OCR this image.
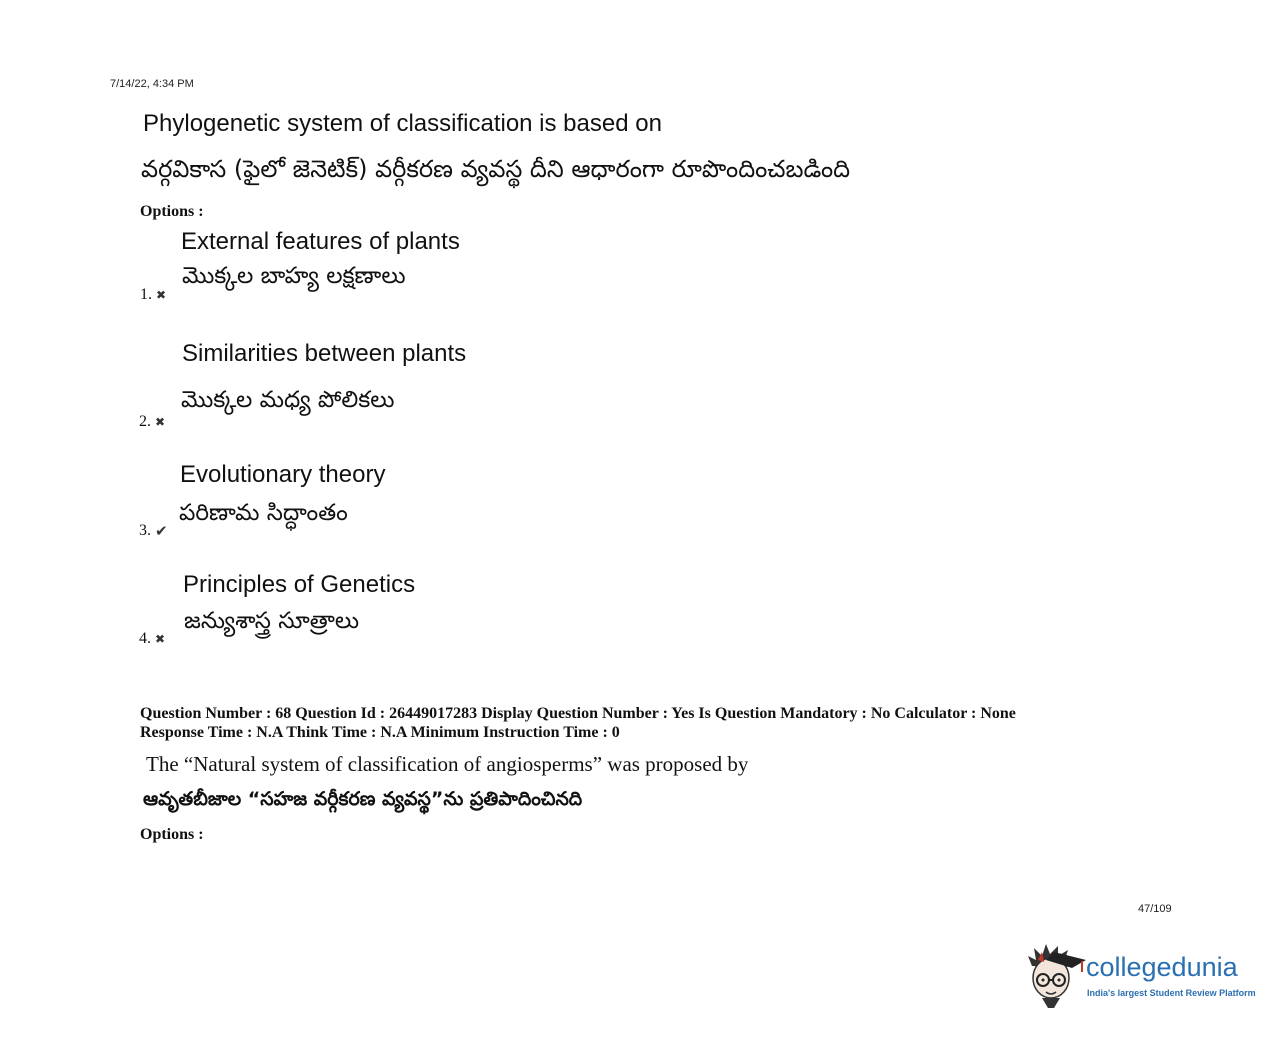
7/14/22, 4:34 PM
Phylogenetic system of classification is based on
వర్గవికాస (ఫైలో జెనెటిక్) వర్గీకరణ వ్యవస్థ దీని ఆధారంగా రూపొందించబడింది
Options :
External features of plants
మొక్కల బాహ్య లక్షణాలు
1. ✖
Similarities between plants
మొక్కల మధ్య పోలికలు
2. ✖
Evolutionary theory
పరిణామ సిద్ధాంతం
3. ✔
Principles of Genetics
జన్యుశాస్త్ర సూత్రాలు
4. ✖
Question Number : 68 Question Id : 26449017283 Display Question Number : Yes Is Question Mandatory : No Calculator : None
Response Time : N.A Think Time : N.A Minimum Instruction Time : 0
The “Natural system of classification of angiosperms” was proposed by
ఆవృతబీజాల “సహజ వర్గీకరణ వ్యవస్థ”ను ప్రతిపాదించినది
Options :
47/109
collegedunia
India's largest Student Review Platform
